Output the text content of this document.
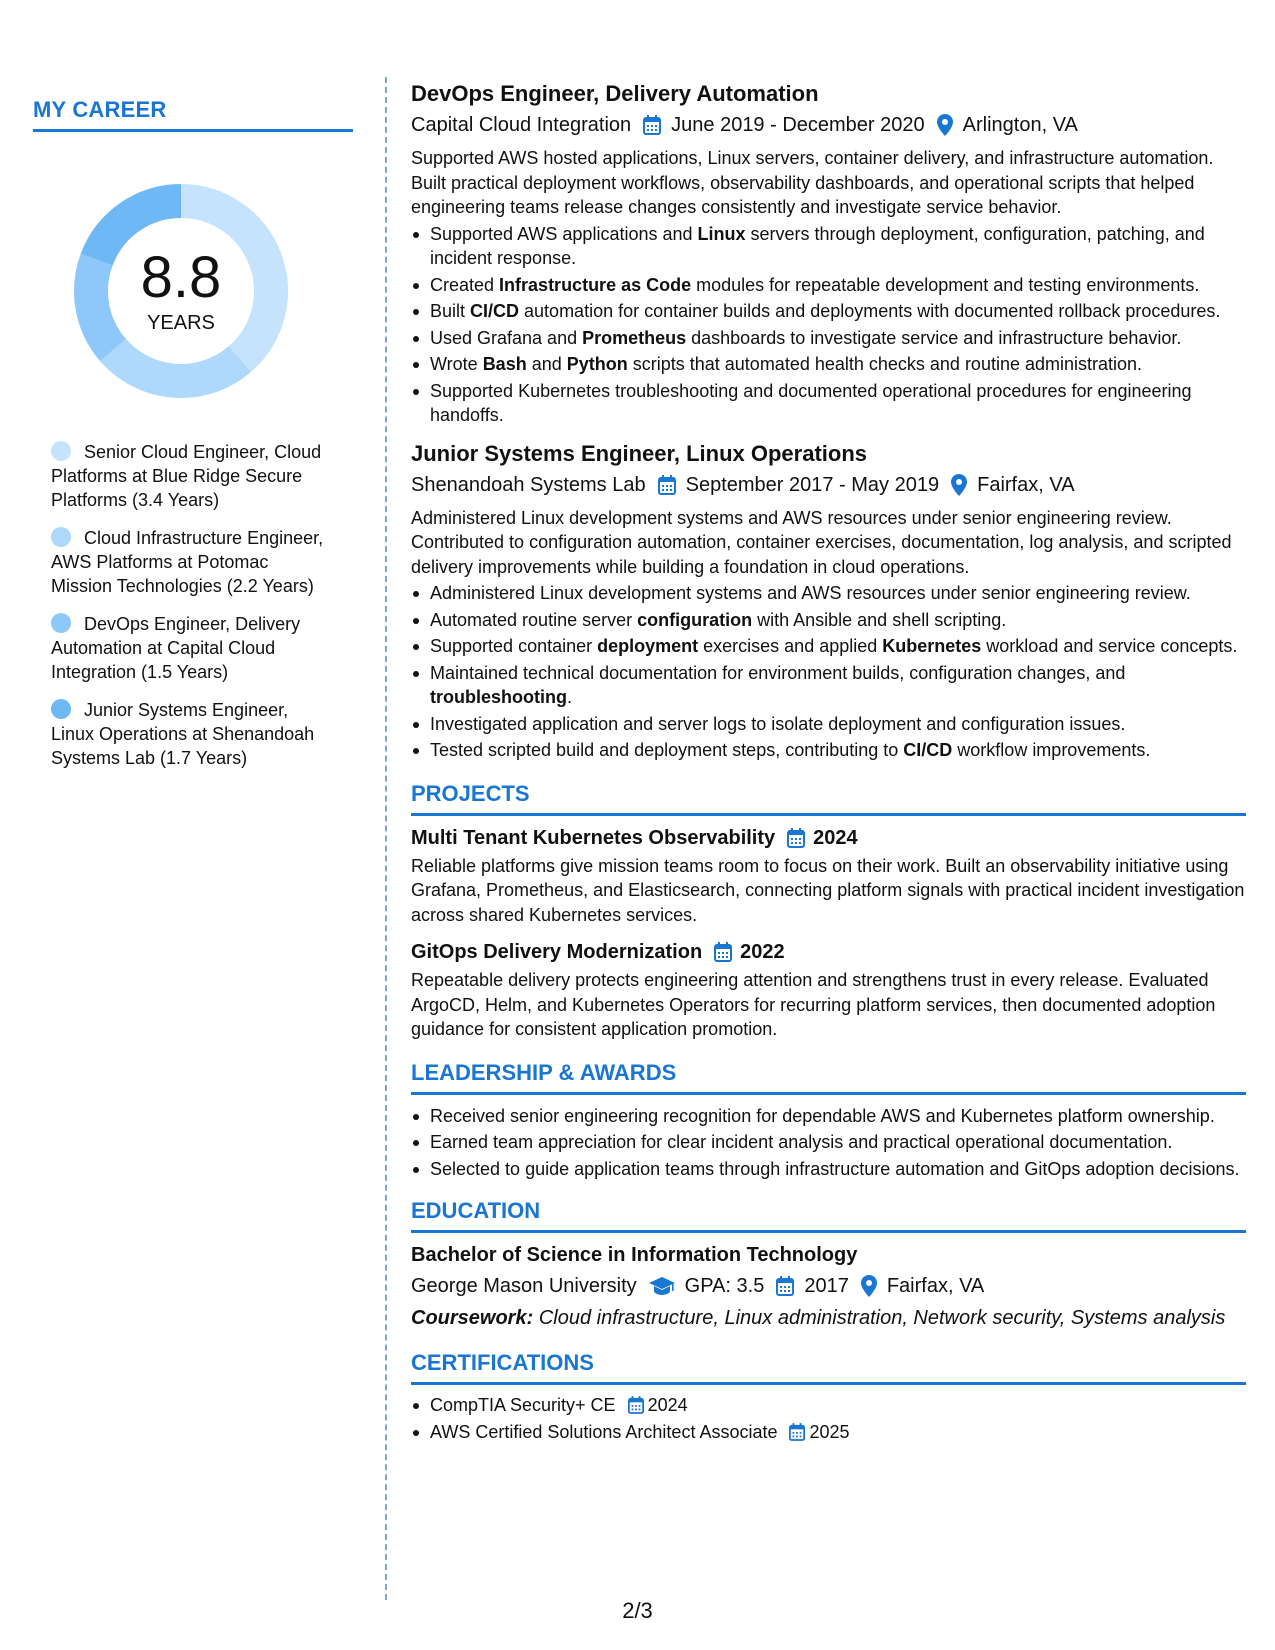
MY CAREER
8.8
YEARS
Senior Cloud Engineer, Cloud Platforms at Blue Ridge Secure Platforms (3.4 Years)
Cloud Infrastructure Engineer, AWS Platforms at Potomac Mission Technologies (2.2 Years)
DevOps Engineer, Delivery Automation at Capital Cloud Integration (1.5 Years)
Junior Systems Engineer, Linux Operations at Shenandoah Systems Lab (1.7 Years)
DevOps Engineer, Delivery Automation
Capital Cloud Integration June 2019 - December 2020 Arlington, VA
Supported AWS hosted applications, Linux servers, container delivery, and infrastructure automation. Built practical deployment workflows, observability dashboards, and operational scripts that helped engineering teams release changes consistently and investigate service behavior.
Supported AWS applications and Linux servers through deployment, configuration, patching, and incident response.
Created Infrastructure as Code modules for repeatable development and testing environments.
Built CI/CD automation for container builds and deployments with documented rollback procedures.
Used Grafana and Prometheus dashboards to investigate service and infrastructure behavior.
Wrote Bash and Python scripts that automated health checks and routine administration.
Supported Kubernetes troubleshooting and documented operational procedures for engineering handoffs.
Junior Systems Engineer, Linux Operations
Shenandoah Systems Lab September 2017 - May 2019 Fairfax, VA
Administered Linux development systems and AWS resources under senior engineering review. Contributed to configuration automation, container exercises, documentation, log analysis, and scripted delivery improvements while building a foundation in cloud operations.
Administered Linux development systems and AWS resources under senior engineering review.
Automated routine server configuration with Ansible and shell scripting.
Supported container deployment exercises and applied Kubernetes workload and service concepts.
Maintained technical documentation for environment builds, configuration changes, and troubleshooting.
Investigated application and server logs to isolate deployment and configuration issues.
Tested scripted build and deployment steps, contributing to CI/CD workflow improvements.
PROJECTS
Multi Tenant Kubernetes Observability 2024
Reliable platforms give mission teams room to focus on their work. Built an observability initiative using Grafana, Prometheus, and Elasticsearch, connecting platform signals with practical incident investigation across shared Kubernetes services.
GitOps Delivery Modernization 2022
Repeatable delivery protects engineering attention and strengthens trust in every release. Evaluated ArgoCD, Helm, and Kubernetes Operators for recurring platform services, then documented adoption guidance for consistent application promotion.
LEADERSHIP & AWARDS
Received senior engineering recognition for dependable AWS and Kubernetes platform ownership.
Earned team appreciation for clear incident analysis and practical operational documentation.
Selected to guide application teams through infrastructure automation and GitOps adoption decisions.
EDUCATION
Bachelor of Science in Information Technology
George Mason University GPA: 3.5 2017 Fairfax, VA
Coursework: Cloud infrastructure, Linux administration, Network security, Systems analysis
CERTIFICATIONS
CompTIA Security+ CE 2024
AWS Certified Solutions Architect Associate 2025
2/3
